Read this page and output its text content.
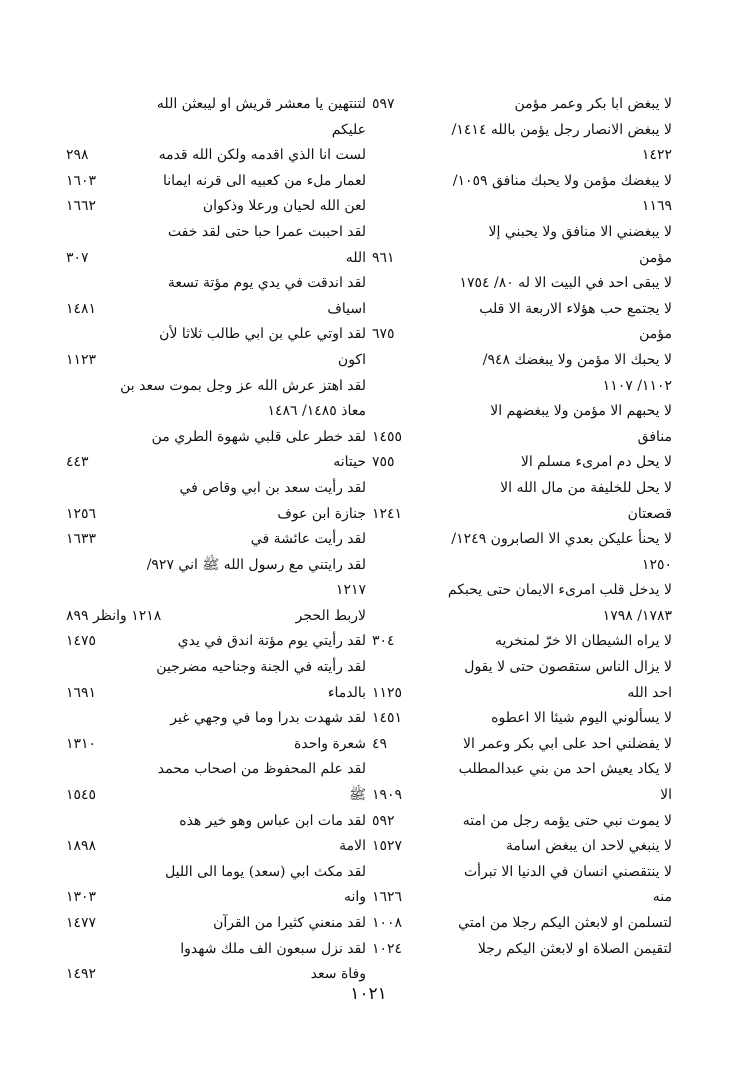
لا يبغض ابا بكر وعمر مؤمن
٥٩٧
لا يبغض الانصار رجل يؤمن بالله ١٤١٤/
١٤٢٢
لا يبغضك مؤمن ولا يحبك منافق ١٠٥٩/
١١٦٩
لا يبغضني الا منافق ولا يحبني إلا
مؤمن
٩٦١
لا يبقى احد في البيت الا له ٨٠/ ١٧٥٤
لا يجتمع حب هؤلاء الاربعة الا قلب
مؤمن
٦٧٥
لا يحبك الا مؤمن ولا يبغضك ٩٤٨/
١١٠٢/ ١١٠٧
لا يحبهم الا مؤمن ولا يبغضهم الا
منافق
١٤٥٥
لا يحل دم امرىء مسلم الا
٧٥٥
لا يحل للخليفة من مال الله الا
قصعتان
١٢٤١
لا يحنأ عليكن بعدي الا الصابرون ١٢٤٩/
١٢٥٠
لا يدخل قلب امرىء الايمان حتى يحبكم
١٧٨٣/ ١٧٩٨
لا يراه الشيطان الا خرّ لمنخريه
٣٠٤
لا يزال الناس ستقصون حتى لا يقول
احد الله
١١٢٥
لا يسألوني اليوم شيئا الا اعطوه
١٤٥١
لا يفضلني احد على ابي بكر وعمر الا
٤٩
لا يكاد يعيش احد من بني عبدالمطلب
الا
١٩٠٩
لا يموت نبي حتى يؤمه رجل من امته
٥٩٢
لا ينبغي لاحد ان يبغض اسامة
١٥٢٧
لا ينتقصني انسان في الدنيا الا تبرأت
منه
١٦٢٦
لتسلمن او لابعثن اليكم رجلا من امتي
١٠٠٨
لتقيمن الصلاة او لابعثن اليكم رجلا
١٠٢٤
لتنتهين يا معشر قريش او ليبعثن الله
عليكم
لست انا الذي اقدمه ولكن الله قدمه
٢٩٨
لعمار ملء من كعبيه الى قرنه ايمانا
١٦٠٣
لعن الله لحيان ورعلا وذكوان
١٦٦٢
لقد احببت عمرا حبا حتى لقد خفت
الله
٣٠٧
لقد اندقت في يدي يوم مؤتة تسعة
اسياف
١٤٨١
لقد اوتي علي بن ابي طالب ثلاثا لأن
اكون
١١٢٣
لقد اهتز عرش الله عز وجل بموت سعد بن
معاذ ١٤٨٥/ ١٤٨٦
لقد خطر على قلبي شهوة الطري من
حيتانه
٤٤٣
لقد رأيت سعد بن ابي وقاص في
جنازة ابن عوف
١٢٥٦
لقد رأيت عائشة في
١٦٣٣
لقد رايتني مع رسول الله ﷺ اني ٩٢٧/
١٢١٧
لاربط الحجر
١٢١٨ وانظر ٨٩٩
لقد رأيتي يوم مؤتة اندق في يدي
١٤٧٥
لقد رأيته في الجنة وجناحيه مضرجين
بالدماء
١٦٩١
لقد شهدت بدرا وما في وجهي غير
شعرة واحدة
١٣١٠
لقد علم المحفوظ من اصحاب محمد
ﷺ
١٥٤٥
لقد مات ابن عباس وهو خير هذه
الامة
١٨٩٨
لقد مكث ابي (سعد) يوما الى الليل
وانه
١٣٠٣
لقد منعني كثيرا من القرآن
١٤٧٧
لقد نزل سبعون الف ملك شهدوا
وفاة سعد
١٤٩٢
١٠٢١
